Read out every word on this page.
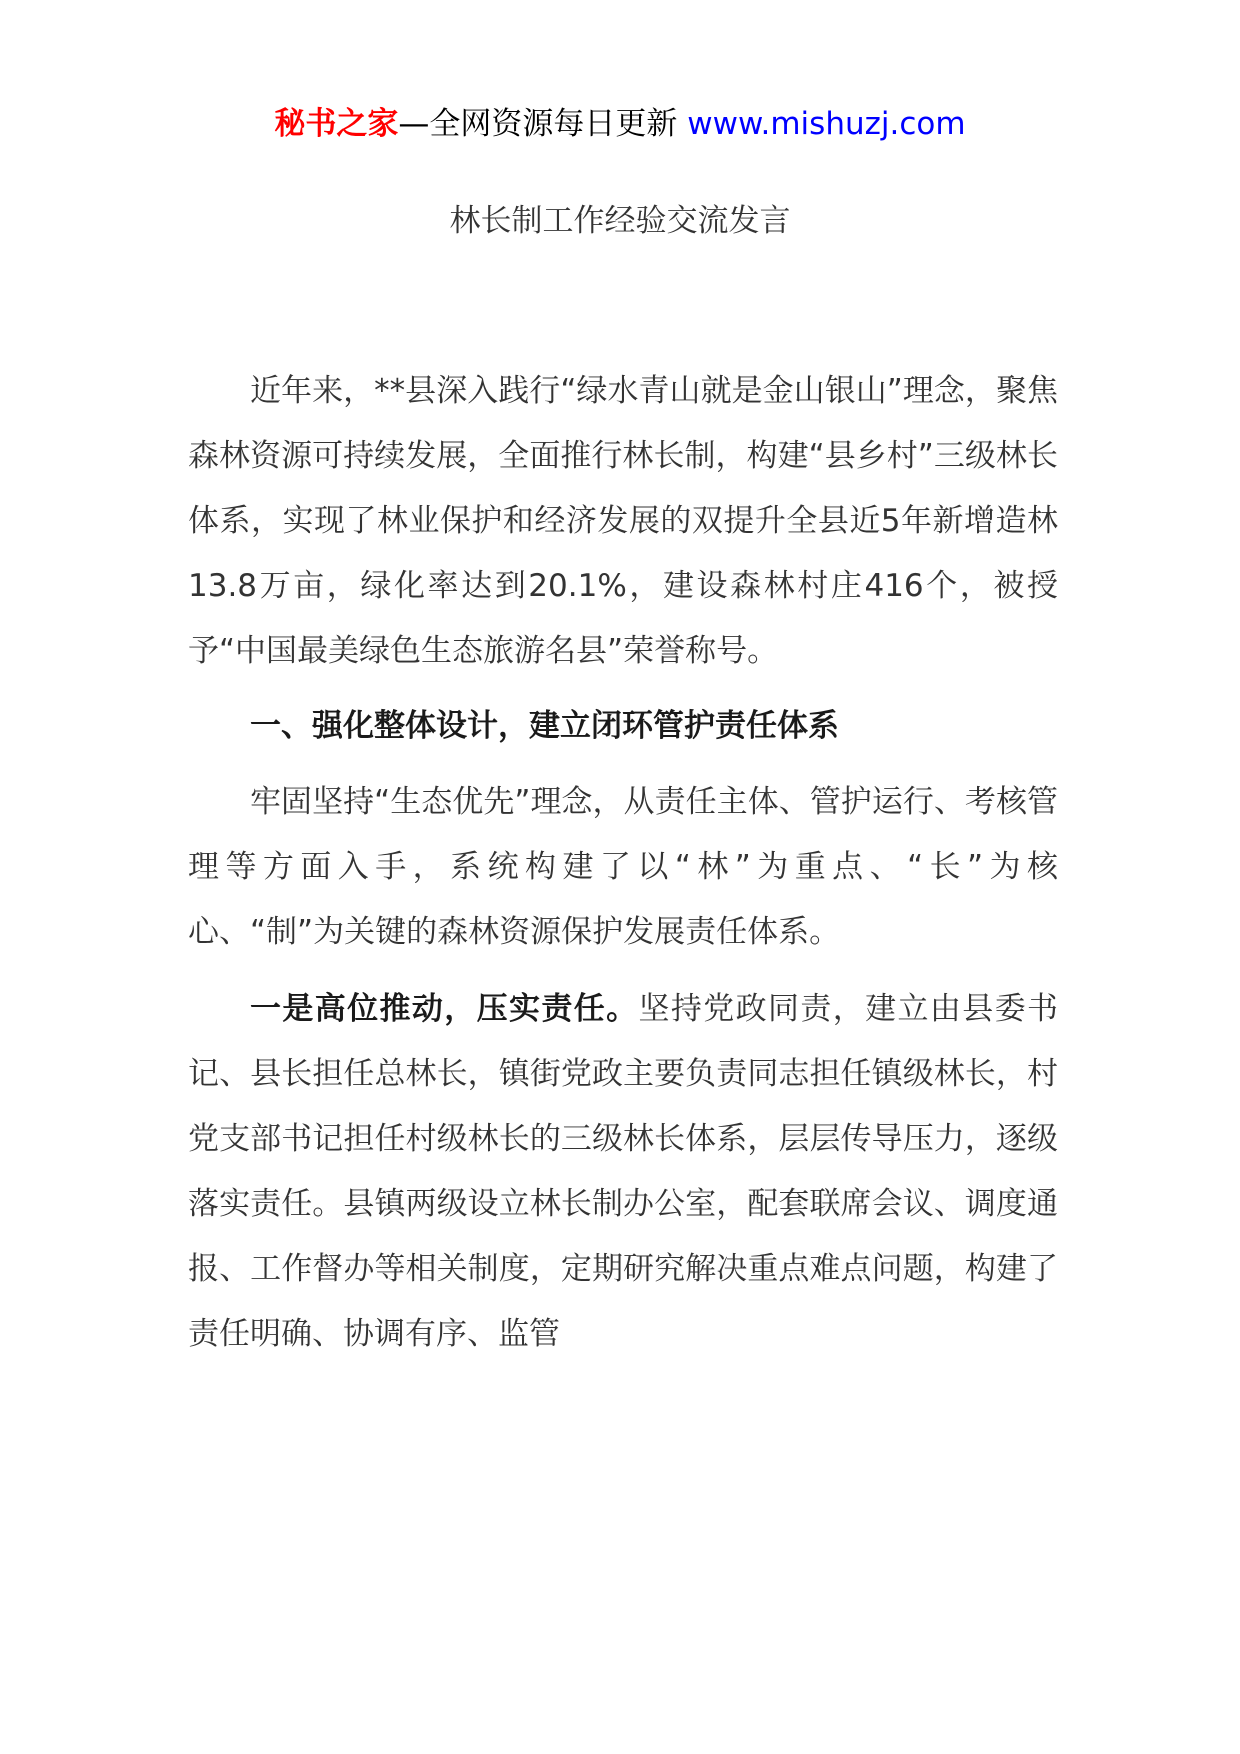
秘书之家—全网资源每日更新 www.mishuzj.com
林长制工作经验交流发言

近年来，**县深入践行“绿水青山就是金山银山”理念，聚焦森林资源可持续发展，全面推行林长制，构建“县乡村”三级林长体系，实现了林业保护和经济发展的双提升全县近5年新增造林13.8万亩，绿化率达到20.1%，建设森林村庄416个，被授予“中国最美绿色生态旅游名县”荣誉称号。

一、强化整体设计，建立闭环管护责任体系

牢固坚持“生态优先”理念，从责任主体、管护运行、考核管理等方面入手，系统构建了以“林”为重点、“长”为核心、“制”为关键的森林资源保护发展责任体系。

一是高位推动，压实责任。坚持党政同责，建立由县委书记、县长担任总林长，镇街党政主要负责同志担任镇级林长，村党支部书记担任村级林长的三级林长体系，层层传导压力，逐级落实责任。县镇两级设立林长制办公室，配套联席会议、调度通报、工作督办等相关制度，定期研究解决重点难点问题，构建了责任明确、协调有序、监管
